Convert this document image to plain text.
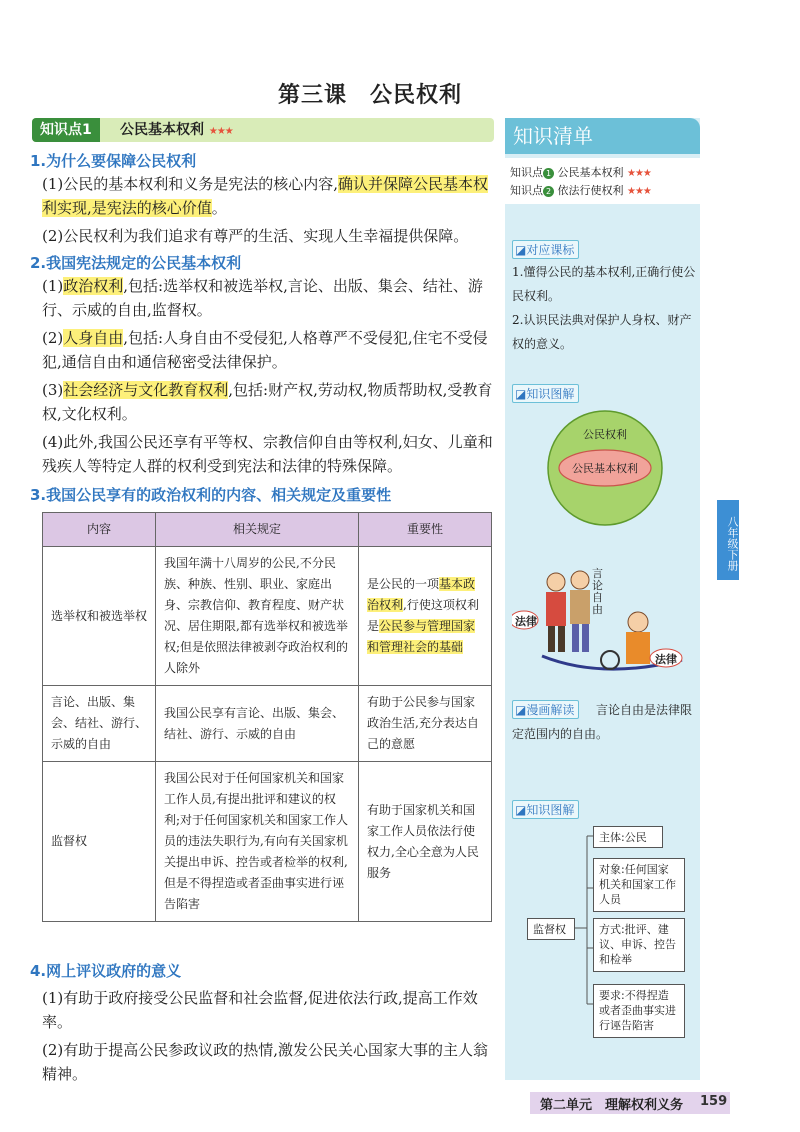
第三课　公民权利
知识点1	公民基本权利 ★★★
1.为什么要保障公民权利
(1)公民的基本权利和义务是宪法的核心内容,确认并保障公民基本权利实现,是宪法的核心价值。
(2)公民权利为我们追求有尊严的生活、实现人生幸福提供保障。
2.我国宪法规定的公民基本权利
(1)政治权利,包括:选举权和被选举权,言论、出版、集会、结社、游行、示威的自由,监督权。
(2)人身自由,包括:人身自由不受侵犯,人格尊严不受侵犯,住宅不受侵犯,通信自由和通信秘密受法律保护。
(3)社会经济与文化教育权利,包括:财产权,劳动权,物质帮助权,受教育权,文化权利。
(4)此外,我国公民还享有平等权、宗教信仰自由等权利,妇女、儿童和残疾人等特定人群的权利受到宪法和法律的特殊保障。
3.我国公民享有的政治权利的内容、相关规定及重要性
内容	相关规定	重要性
选举权和被选举权	我国年满十八周岁的公民,不分民族、种族、性别、职业、家庭出身、宗教信仰、教育程度、财产状况、居住期限,都有选举权和被选举权;但是依照法律被剥夺政治权利的人除外	是公民的一项基本政治权利,行使这项权利是公民参与管理国家和管理社会的基础
言论、出版、集会、结社、游行、示威的自由	我国公民享有言论、出版、集会、结社、游行、示威的自由	有助于公民参与国家政治生活,充分表达自己的意愿
监督权	我国公民对于任何国家机关和国家工作人员,有提出批评和建议的权利;对于任何国家机关和国家工作人员的违法失职行为,有向有关国家机关提出申诉、控告或者检举的权利,但是不得捏造或者歪曲事实进行诬告陷害	有助于国家机关和国家工作人员依法行使权力,全心全意为人民服务
4.网上评议政府的意义
(1)有助于政府接受公民监督和社会监督,促进依法行政,提高工作效率。
(2)有助于提高公民参政议政的热情,激发公民关心国家大事的主人翁精神。
知识清单
知识点 1 公民基本权利 ★★★
知识点 2 依法行使权利 ★★★
◪对应课标
1.懂得公民的基本权利,正确行使公民权利。
2.认识民法典对保护人身权、财产权的意义。
◪知识图解
公民权利
公民基本权利
法律
法律
言论自由
◪漫画解读	言论自由是法律限定范围内的自由。
◪知识图解
监督权
主体:公民
对象:任何国家机关和国家工作人员
方式:批评、建议、申诉、控告和检举
要求:不得捏造或者歪曲事实进行诬告陷害
八年级下册
第二单元　理解权利义务 159
